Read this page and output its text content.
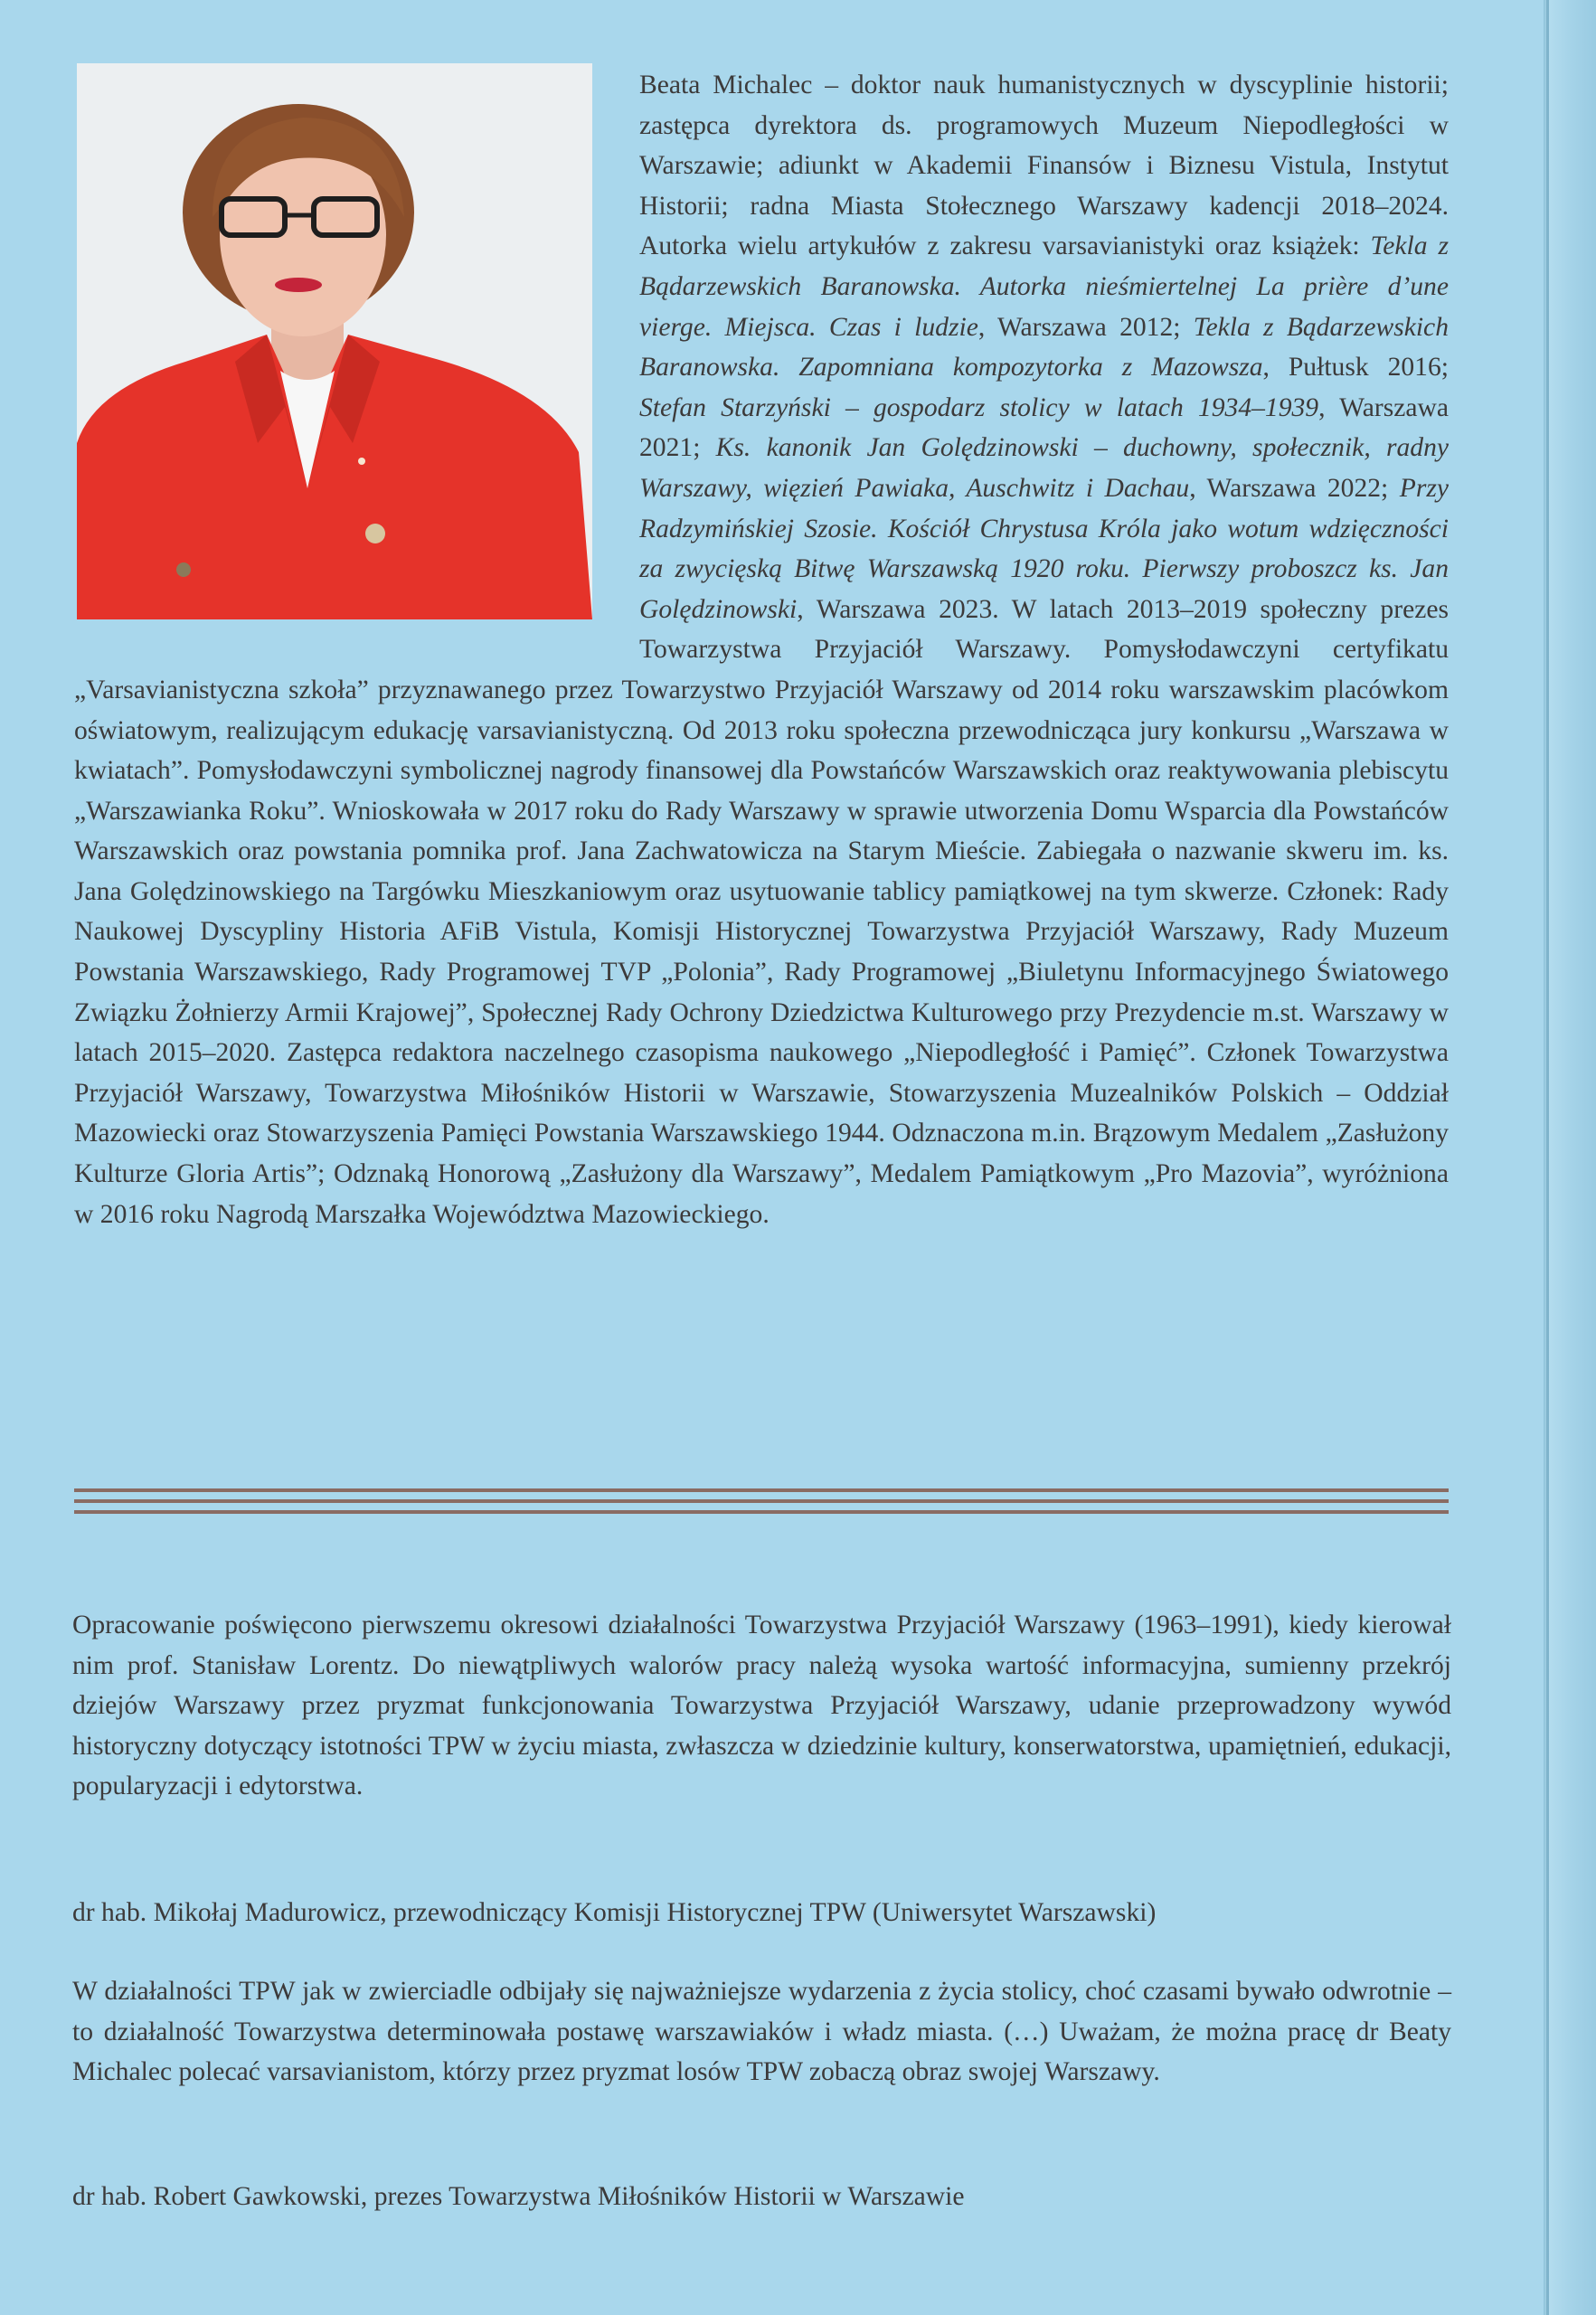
Beata Michalec – doktor nauk humanistycznych w dyscyplinie historii; zastępca dyrektora ds. programowych Muzeum Niepodległości w Warszawie; adiunkt w Akademii Finansów i Biznesu Vistula, Instytut Historii; radna Miasta Stołecznego Warszawy kadencji 2018–2024. Autorka wielu artykułów z zakresu varsavianistyki oraz książek: Tekla z Bądarzewskich Baranowska. Autorka nieśmiertelnej La prière d’une vierge. Miejsca. Czas i ludzie, Warszawa 2012; Tekla z Bądarzewskich Baranowska. Zapomniana kompozytorka z Mazowsza, Pułtusk 2016; Stefan Starzyński – gospodarz stolicy w latach 1934–1939, Warszawa 2021; Ks. kanonik Jan Golędzinowski – duchowny, społecznik, radny Warszawy, więzień Pawiaka, Auschwitz i Dachau, Warszawa 2022; Przy Radzymińskiej Szosie. Kościół Chrystusa Króla jako wotum wdzięczności za zwycięską Bitwę Warszawską 1920 roku. Pierwszy proboszcz ks. Jan Golędzinowski, Warszawa 2023. W latach 2013–2019 społeczny prezes Towarzystwa Przyjaciół Warszawy. Pomysłodawczyni certyfikatu „Varsavianistyczna szkoła” przyznawanego przez Towarzystwo Przyjaciół Warszawy od 2014 roku warszawskim placówkom oświatowym, realizującym edukację varsavianistyczną. Od 2013 roku społeczna przewodnicząca jury konkursu „Warszawa w kwiatach”. Pomysłodawczyni symbolicznej nagrody finansowej dla Powstańców Warszawskich oraz reaktywowania plebiscytu „Warszawianka Roku”. Wnioskowała w 2017 roku do Rady Warszawy w sprawie utworzenia Domu Wsparcia dla Powstańców Warszawskich oraz powstania pomnika prof. Jana Zachwatowicza na Starym Mieście. Zabiegała o nazwanie skweru im. ks. Jana Golędzinowskiego na Targówku Mieszkaniowym oraz usytuowanie tablicy pamiątkowej na tym skwerze. Członek: Rady Naukowej Dyscypliny Historia AFiB Vistula, Komisji Historycznej Towarzystwa Przyjaciół Warszawy, Rady Muzeum Powstania Warszawskiego, Rady Programowej TVP „Polonia”, Rady Programowej „Biuletynu Informacyjnego Światowego Związku Żołnierzy Armii Krajowej”, Społecznej Rady Ochrony Dziedzictwa Kulturowego przy Prezydencie m.st. Warszawy w latach 2015–2020. Zastępca redaktora naczelnego czasopisma naukowego „Niepodległość i Pamięć”. Członek Towarzystwa Przyjaciół Warszawy, Towarzystwa Miłośników Historii w Warszawie, Stowarzyszenia Muzealników Polskich – Oddział Mazowiecki oraz Stowarzyszenia Pamięci Powstania Warszawskiego 1944. Odznaczona m.in. Brązowym Medalem „Zasłużony Kulturze Gloria Artis”; Odznaką Honorową „Zasłużony dla Warszawy”, Medalem Pamiątkowym „Pro Mazovia”, wyróżniona w 2016 roku Nagrodą Marszałka Województwa Mazowieckiego.
Opracowanie poświęcono pierwszemu okresowi działalności Towarzystwa Przyjaciół Warszawy (1963–1991), kiedy kierował nim prof. Stanisław Lorentz. Do niewątpliwych walorów pracy należą wysoka wartość informacyjna, sumienny przekrój dziejów Warszawy przez pryzmat funkcjonowania Towarzystwa Przyjaciół Warszawy, udanie przeprowadzony wywód historyczny dotyczący istotności TPW w życiu miasta, zwłaszcza w dziedzinie kultury, konserwatorstwa, upamiętnień, edukacji, popularyzacji i edytorstwa.
dr hab. Mikołaj Madurowicz, przewodniczący Komisji Historycznej TPW (Uniwersytet Warszawski)
W działalności TPW jak w zwierciadle odbijały się najważniejsze wydarzenia z życia stolicy, choć czasami bywało odwrotnie – to działalność Towarzystwa determinowała postawę warszawiaków i władz miasta. (…) Uważam, że można pracę dr Beaty Michalec polecać varsavianistom, którzy przez pryzmat losów TPW zobaczą obraz swojej Warszawy.
dr hab. Robert Gawkowski, prezes Towarzystwa Miłośników Historii w Warszawie
